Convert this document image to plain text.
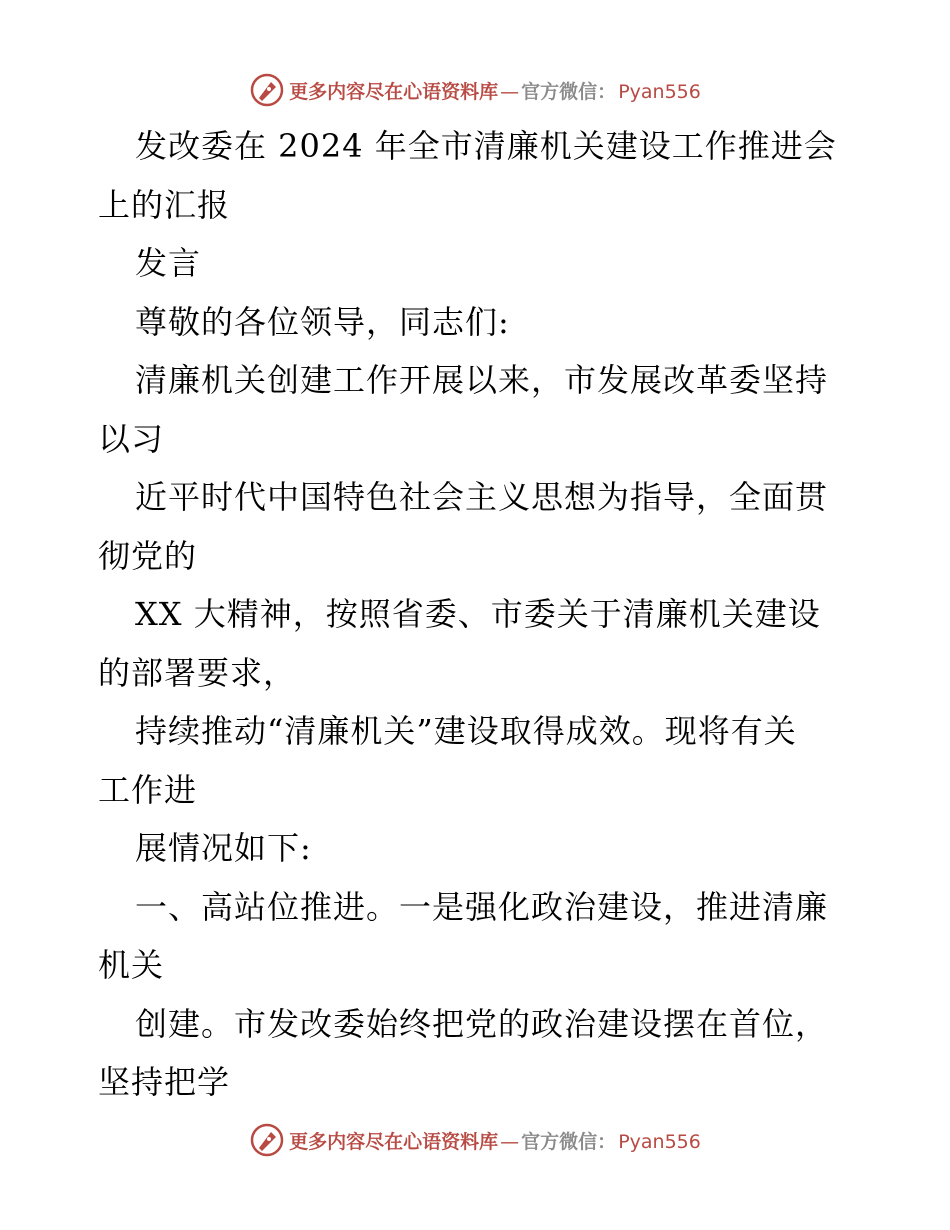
更多内容尽在心语资料库 — 官方微信： Pyan556
发改委在 2024 年全市清廉机关建设工作推进会
上的汇报
发言
尊敬的各位领导，同志们:
清廉机关创建工作开展以来，市发展改革委坚持
以习
近平时代中国特色社会主义思想为指导，全面贯
彻党的
XX 大精神，按照省委、市委关于清廉机关建设
的部署要求，
持续推动“清廉机关”建设取得成效。现将有关
工作进
展情况如下:
一、高站位推进。一是强化政治建设，推进清廉
机关
创建。市发改委始终把党的政治建设摆在首位，
坚持把学
更多内容尽在心语资料库 — 官方微信： Pyan556
